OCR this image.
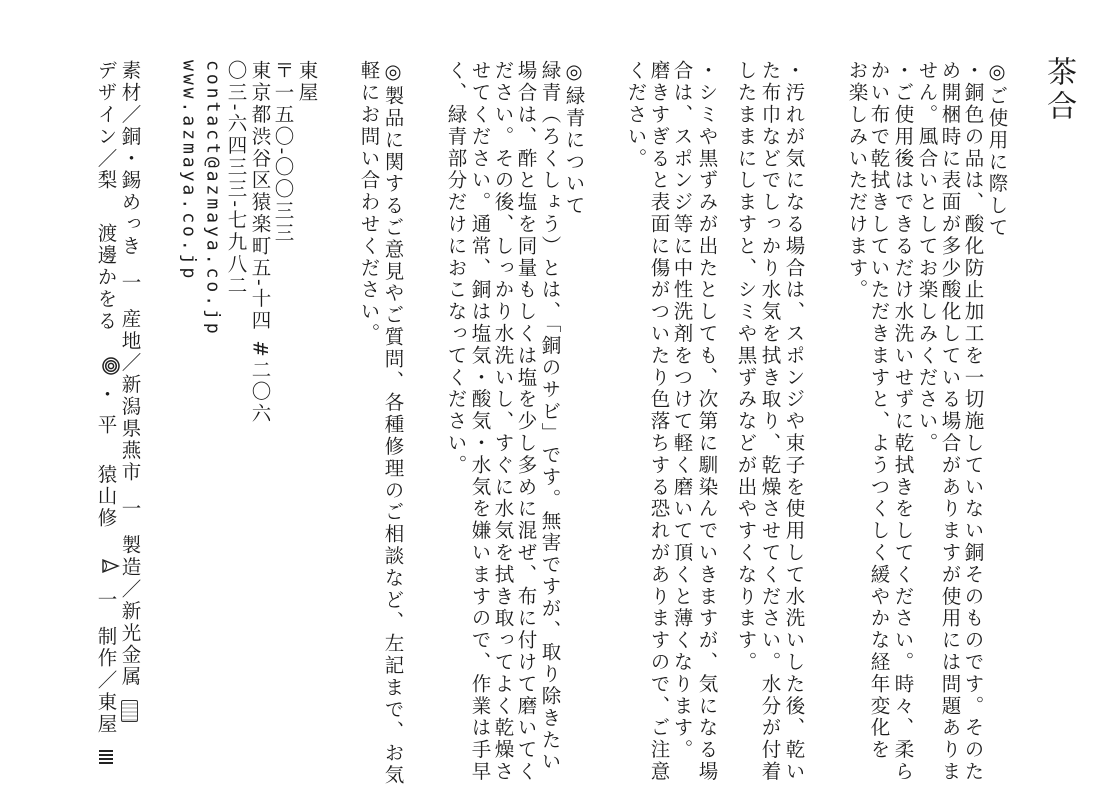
茶合
◎ご使用に際して
・銅色の品は、酸化防止加工を一切施していない銅そのものです。そのた
め開梱時に表面が多少酸化している場合がありますが使用には問題ありま
せん。風合いとしてお楽しみください。
・ご使用後はできるだけ水洗いせずに乾拭きをしてください。時々、柔ら
かい布で乾拭きしていただきますと、ようつくしく緩やかな経年変化を
お楽しみいただけます。
・汚れが気になる場合は、スポンジや束子を使用して水洗いした後、乾い
た布巾などでしっかり水気を拭き取り、乾燥させてください。水分が付着
したままにしますと、シミや黒ずみなどが出やすくなります。
・シミや黒ずみが出たとしても、次第に馴染んでいきますが、気になる場
合は、スポンジ等に中性洗剤をつけて軽く磨いて頂くと薄くなります。
磨きすぎると表面に傷がついたり色落ちする恐れがありますので、ご注意
ください。
◎緑青について
緑青（ろくしょう）とは、「銅のサビ」です。無害ですが、取り除きたい
場合は、酢と塩を同量もしくは塩を少し多めに混ぜ、布に付けて磨いてく
ださい。その後、しっかり水洗いし、すぐに水気を拭き取ってよく乾燥さ
せてください。通常、銅は塩気・酸気・水気を嫌いますので、作業は手早
く、緑青部分だけにおこなってください。
◎製品に関するご意見やご質問、各種修理のご相談など、左記まで、お気
軽にお問い合わせください。
東屋
〒一五〇-〇〇三三
東京都渋谷区猿楽町五-十四 #二〇六
〇三-六四三三-七九八二
contact@azmaya.co.jp
www.azmaya.co.jp
素材／銅・錫めっき 一 産地／新潟県燕市 一 製造／新光金属
デザイン／梨  渡邊かをる   ・ 平  猿山修   一 制作／東屋
